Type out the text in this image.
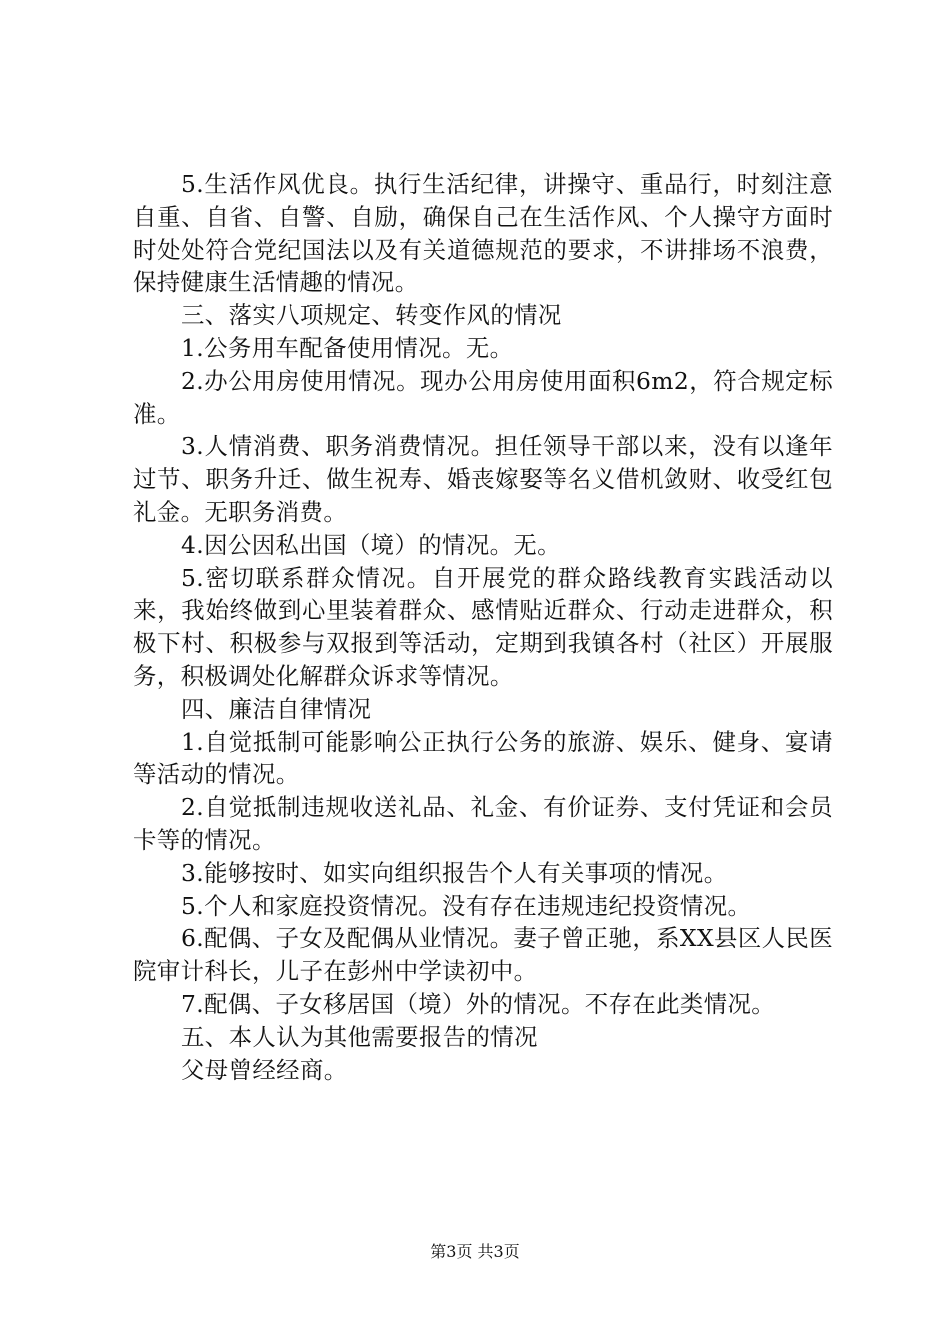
5.生活作风优良。执行生活纪律，讲操守、重品行，时刻注意自重、自省、自警、自励，确保自己在生活作风、个人操守方面时时处处符合党纪国法以及有关道德规范的要求，不讲排场不浪费，保持健康生活情趣的情况。

三、落实八项规定、转变作风的情况

1.公务用车配备使用情况。无。

2.办公用房使用情况。现办公用房使用面积6m2，符合规定标准。

3.人情消费、职务消费情况。担任领导干部以来，没有以逢年过节、职务升迁、做生祝寿、婚丧嫁娶等名义借机敛财、收受红包礼金。无职务消费。

4.因公因私出国（境）的情况。无。

5.密切联系群众情况。自开展党的群众路线教育实践活动以来，我始终做到心里装着群众、感情贴近群众、行动走进群众，积极下村、积极参与双报到等活动，定期到我镇各村（社区）开展服务，积极调处化解群众诉求等情况。

四、廉洁自律情况

1.自觉抵制可能影响公正执行公务的旅游、娱乐、健身、宴请等活动的情况。

2.自觉抵制违规收送礼品、礼金、有价证券、支付凭证和会员卡等的情况。

3.能够按时、如实向组织报告个人有关事项的情况。

5.个人和家庭投资情况。没有存在违规违纪投资情况。

6.配偶、子女及配偶从业情况。妻子曾正驰，系XX县区人民医院审计科长，儿子在彭州中学读初中。

7.配偶、子女移居国（境）外的情况。不存在此类情况。

五、本人认为其他需要报告的情况

父母曾经经商。

第3页 共3页
